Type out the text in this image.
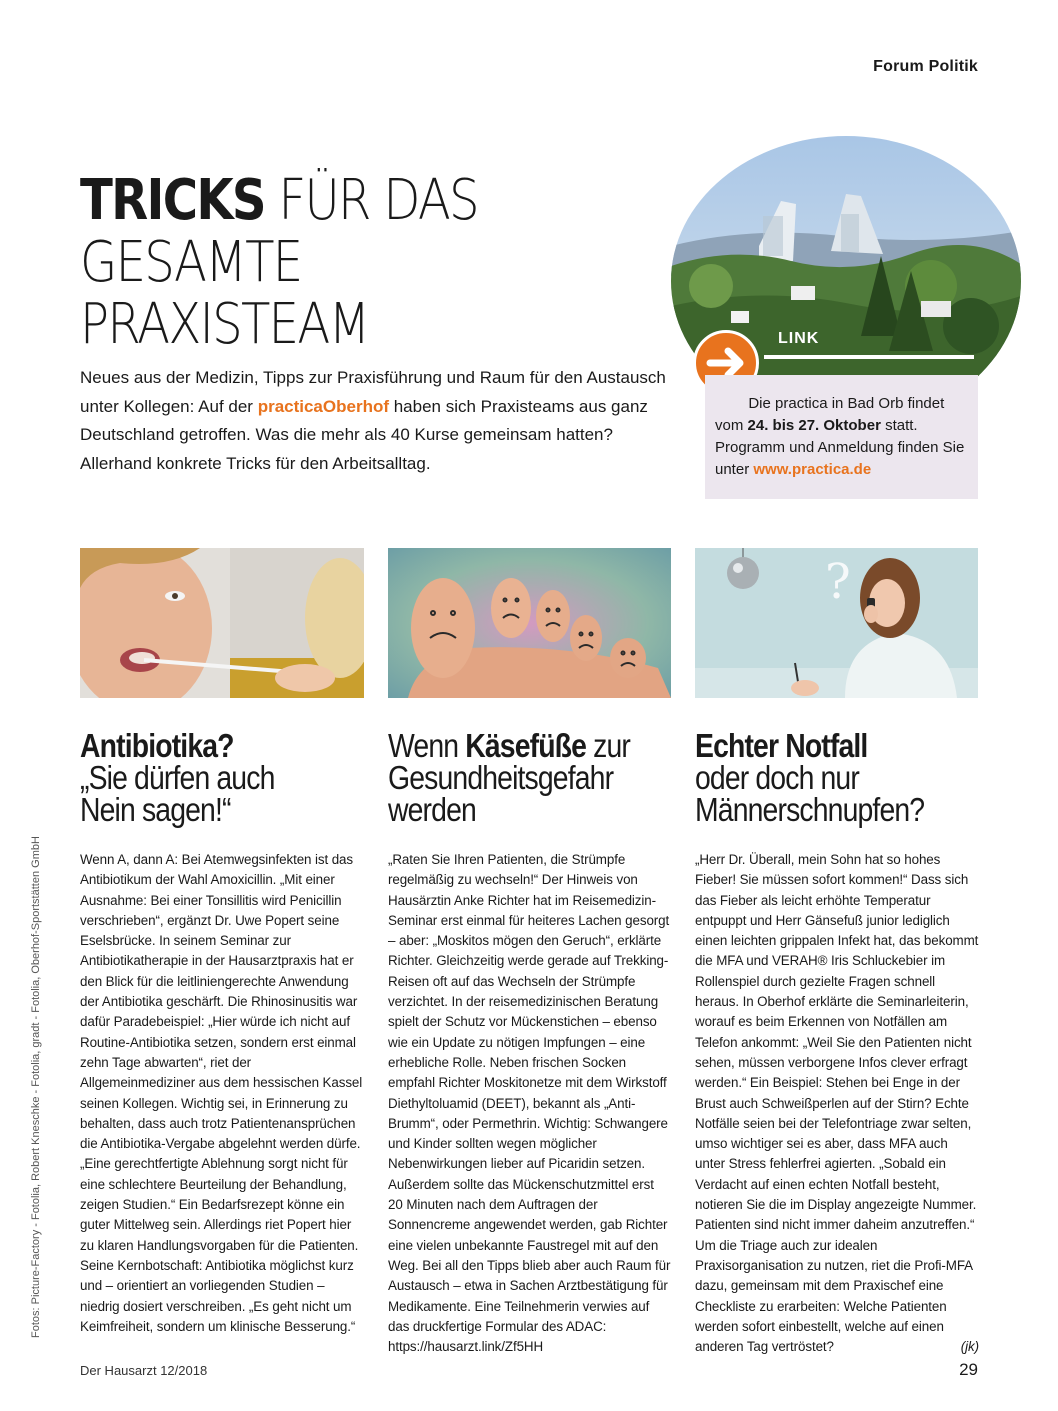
Forum Politik
TRICKS FÜR DAS
GESAMTE PRAXISTEAM

Neues aus der Medizin, Tipps zur Praxisführung und Raum für den Austausch unter Kollegen: Auf der practicaOberhof haben sich Praxisteams aus ganz Deutschland getroffen. Was die mehr als 40 Kurse gemeinsam hatten? Allerhand konkrete Tricks für den Arbeitsalltag.

LINK
Die practica in Bad Orb findet vom 24. bis 27. Oktober statt. Programm und Anmeldung finden Sie unter www.practica.de
?
Antibiotika?
„Sie dürfen auch Nein sagen!“
Wenn Käsefüße zur Gesundheitsgefahr werden
Echter Notfall
oder doch nur Männerschnupfen?

Wenn A, dann A: Bei Atemwegsinfekten ist das Antibiotikum der Wahl Amoxicillin. „Mit einer Ausnahme: Bei einer Tonsillitis wird Penicillin verschrieben“, ergänzt Dr. Uwe Popert seine Eselsbrücke. In seinem Seminar zur Antibiotikatherapie in der Hausarztpraxis hat er den Blick für die leitliniengerechte Anwendung der Antibiotika geschärft. Die Rhinosinusitis war dafür Paradebeispiel: „Hier würde ich nicht auf Routine-Antibiotika setzen, sondern erst einmal zehn Tage abwarten“, riet der Allgemeinmediziner aus dem hessischen Kassel seinen Kollegen. Wichtig sei, in Erinnerung zu behalten, dass auch trotz Patientenansprüchen die Antibiotika-Vergabe abgelehnt werden dürfe. „Eine gerechtfertigte Ablehnung sorgt nicht für eine schlechtere Beurteilung der Behandlung, zeigen Studien.“ Ein Bedarfsrezept könne ein guter Mittelweg sein. Allerdings riet Popert hier zu klaren Handlungsvorgaben für die Patienten. Seine Kernbotschaft: Antibiotika möglichst kurz und – orientiert an vorliegenden Studien – niedrig dosiert verschreiben. „Es geht nicht um Keimfreiheit, sondern um klinische Besserung.“

„Raten Sie Ihren Patienten, die Strümpfe regelmäßig zu wechseln!“ Der Hinweis von Hausärztin Anke Richter hat im Reisemedizin-Seminar erst einmal für heiteres Lachen gesorgt – aber: „Moskitos mögen den Geruch“, erklärte Richter. Gleichzeitig werde gerade auf Trekking-Reisen oft auf das Wechseln der Strümpfe verzichtet. In der reisemedizinischen Beratung spielt der Schutz vor Mückenstichen – ebenso wie ein Update zu nötigen Impfungen – eine erhebliche Rolle. Neben frischen Socken empfahl Richter Moskitonetze mit dem Wirkstoff Diethyltoluamid (DEET), bekannt als „Anti-Brumm“, oder Permethrin. Wichtig: Schwangere und Kinder sollten wegen möglicher Nebenwirkungen lieber auf Picaridin setzen. Außerdem sollte das Mückenschutzmittel erst 20 Minuten nach dem Auftragen der Sonnencreme angewendet werden, gab Richter eine vielen unbekannte Faustregel mit auf den Weg. Bei all den Tipps blieb aber auch Raum für Austausch – etwa in Sachen Arztbestätigung für Medikamente. Eine Teilnehmerin verwies auf das druckfertige Formular des ADAC: https://hausarzt.link/Zf5HH

„Herr Dr. Überall, mein Sohn hat so hohes Fieber! Sie müssen sofort kommen!“ Dass sich das Fieber als leicht erhöhte Temperatur entpuppt und Herr Gänsefuß junior lediglich einen leichten grippalen Infekt hat, das bekommt die MFA und VERAH® Iris Schluckebier im Rollenspiel durch gezielte Fragen schnell heraus. In Oberhof erklärte die Seminarleiterin, worauf es beim Erkennen von Notfällen am Telefon ankommt: „Weil Sie den Patienten nicht sehen, müssen verborgene Infos clever erfragt werden.“ Ein Beispiel: Stehen bei Enge in der Brust auch Schweißperlen auf der Stirn? Echte Notfälle seien bei der Telefontriage zwar selten, umso wichtiger sei es aber, dass MFA auch unter Stress fehlerfrei agierten. „Sobald ein Verdacht auf einen echten Notfall besteht, notieren Sie die im Display angezeigte Nummer. Patienten sind nicht immer daheim anzutreffen.“ Um die Triage auch zur idealen Praxisorganisation zu nutzen, riet die Profi-MFA dazu, gemeinsam mit dem Praxischef eine Checkliste zu erarbeiten: Welche Patienten werden sofort einbestellt, welche auf einen anderen Tag vertröstet?	(jk)

Fotos: Picture-Factory - Fotolia, Robert Kneschke - Fotolia, gradt - Fotolia, Oberhof-Sportstätten GmbH
Der Hausarzt 12/2018	29
